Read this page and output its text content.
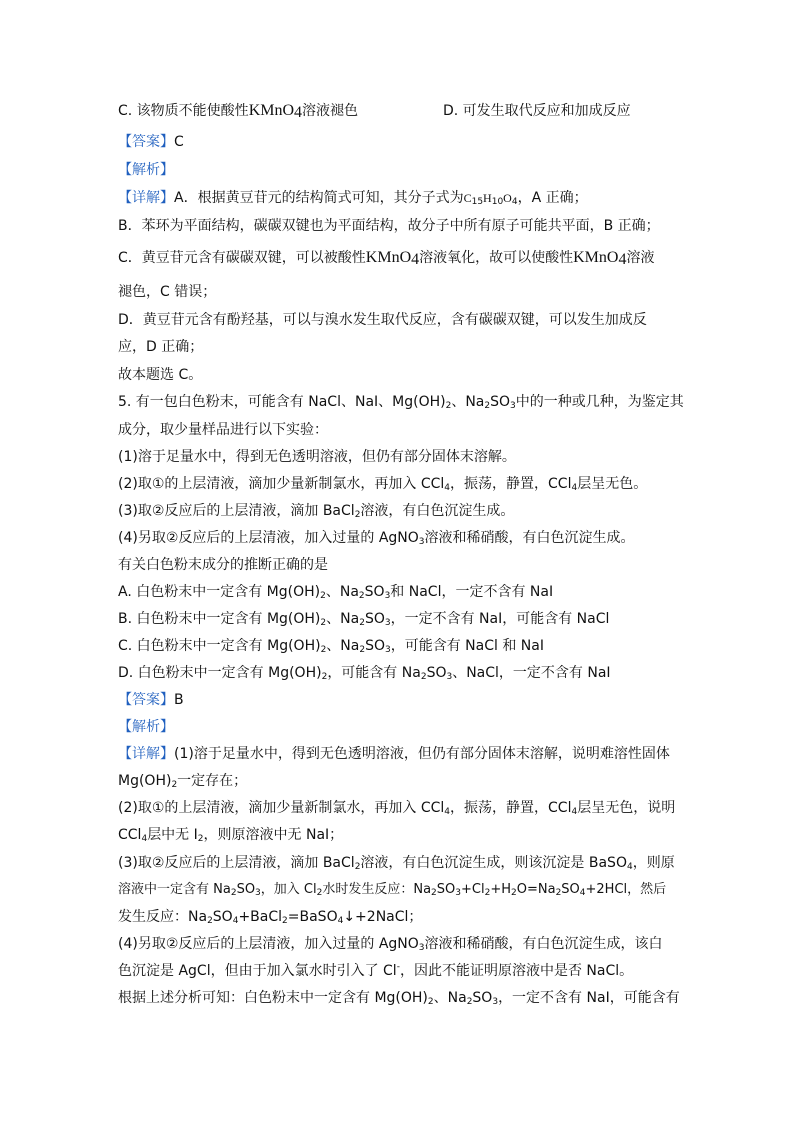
C. 该物质不能使酸性KMnO$_4$溶液褪色	D. 可发生取代反应和加成反应
【答案】C
【解析】
【详解】A．根据黄豆苷元的结构简式可知，其分子式为$C_{15}H_{10}O_4$，A 正确；
B．苯环为平面结构，碳碳双键也为平面结构，故分子中所有原子可能共平面，B 正确；
C．黄豆苷元含有碳碳双键，可以被酸性KMnO$_4$溶液氧化，故可以使酸性KMnO$_4$溶液
褪色，C 错误；
D．黄豆苷元含有酚羟基，可以与溴水发生取代反应，含有碳碳双键，可以发生加成反
应，D 正确；
故本题选 C。
5. 有一包白色粉末，可能含有 NaCl、NaI、$Mg(OH)_2$、$Na_2SO_3$中的一种或几种，为鉴定其
成分，取少量样品进行以下实验：
(1)溶于足量水中，得到无色透明溶液，但仍有部分固体末溶解。
(2)取①的上层清液，滴加少量新制氯水，再加入 CCl$_4$，振荡，静置，CCl$_4$层呈无色。
(3)取②反应后的上层清液，滴加 BaCl$_2$溶液，有白色沉淀生成。
(4)另取②反应后的上层清液，加入过量的 AgNO$_3$溶液和稀硝酸，有白色沉淀生成。
有关白色粉末成分的推断正确的是
A. 白色粉末中一定含有 $Mg(OH)_2$、$Na_2SO_3$和 NaCl，一定不含有 NaI
B. 白色粉末中一定含有 $Mg(OH)_2$、$Na_2SO_3$，一定不含有 NaI，可能含有 NaCl
C. 白色粉末中一定含有 $Mg(OH)_2$、$Na_2SO_3$，可能含有 NaCl 和 NaI
D. 白色粉末中一定含有 $Mg(OH)_2$，可能含有 $Na_2SO_3$、NaCl，一定不含有 NaI
【答案】B
【解析】
【详解】(1)溶于足量水中，得到无色透明溶液，但仍有部分固体末溶解，说明难溶性固体
$Mg(OH)_2$一定存在；
(2)取①的上层清液，滴加少量新制氯水，再加入 CCl$_4$，振荡，静置，CCl$_4$层呈无色，说明
CCl$_4$层中无 $I_2$，则原溶液中无 NaI；
(3)取②反应后的上层清液，滴加 BaCl$_2$溶液，有白色沉淀生成，则该沉淀是 BaSO$_4$，则原
溶液中一定含有 $Na_2SO_3$，加入 $Cl_2$水时发生反应：$Na_2SO_3+Cl_2+H_2O=Na_2SO_4+2HCl$，然后
发生反应：$Na_2SO_4+BaCl_2=BaSO_4↓+2NaCl$；
(4)另取②反应后的上层清液，加入过量的 AgNO$_3$溶液和稀硝酸，有白色沉淀生成，该白
色沉淀是 AgCl，但由于加入氯水时引入了 Cl-，因此不能证明原溶液中是否 NaCl。
根据上述分析可知：白色粉末中一定含有 $Mg(OH)_2$、$Na_2SO_3$，一定不含有 NaI，可能含有
